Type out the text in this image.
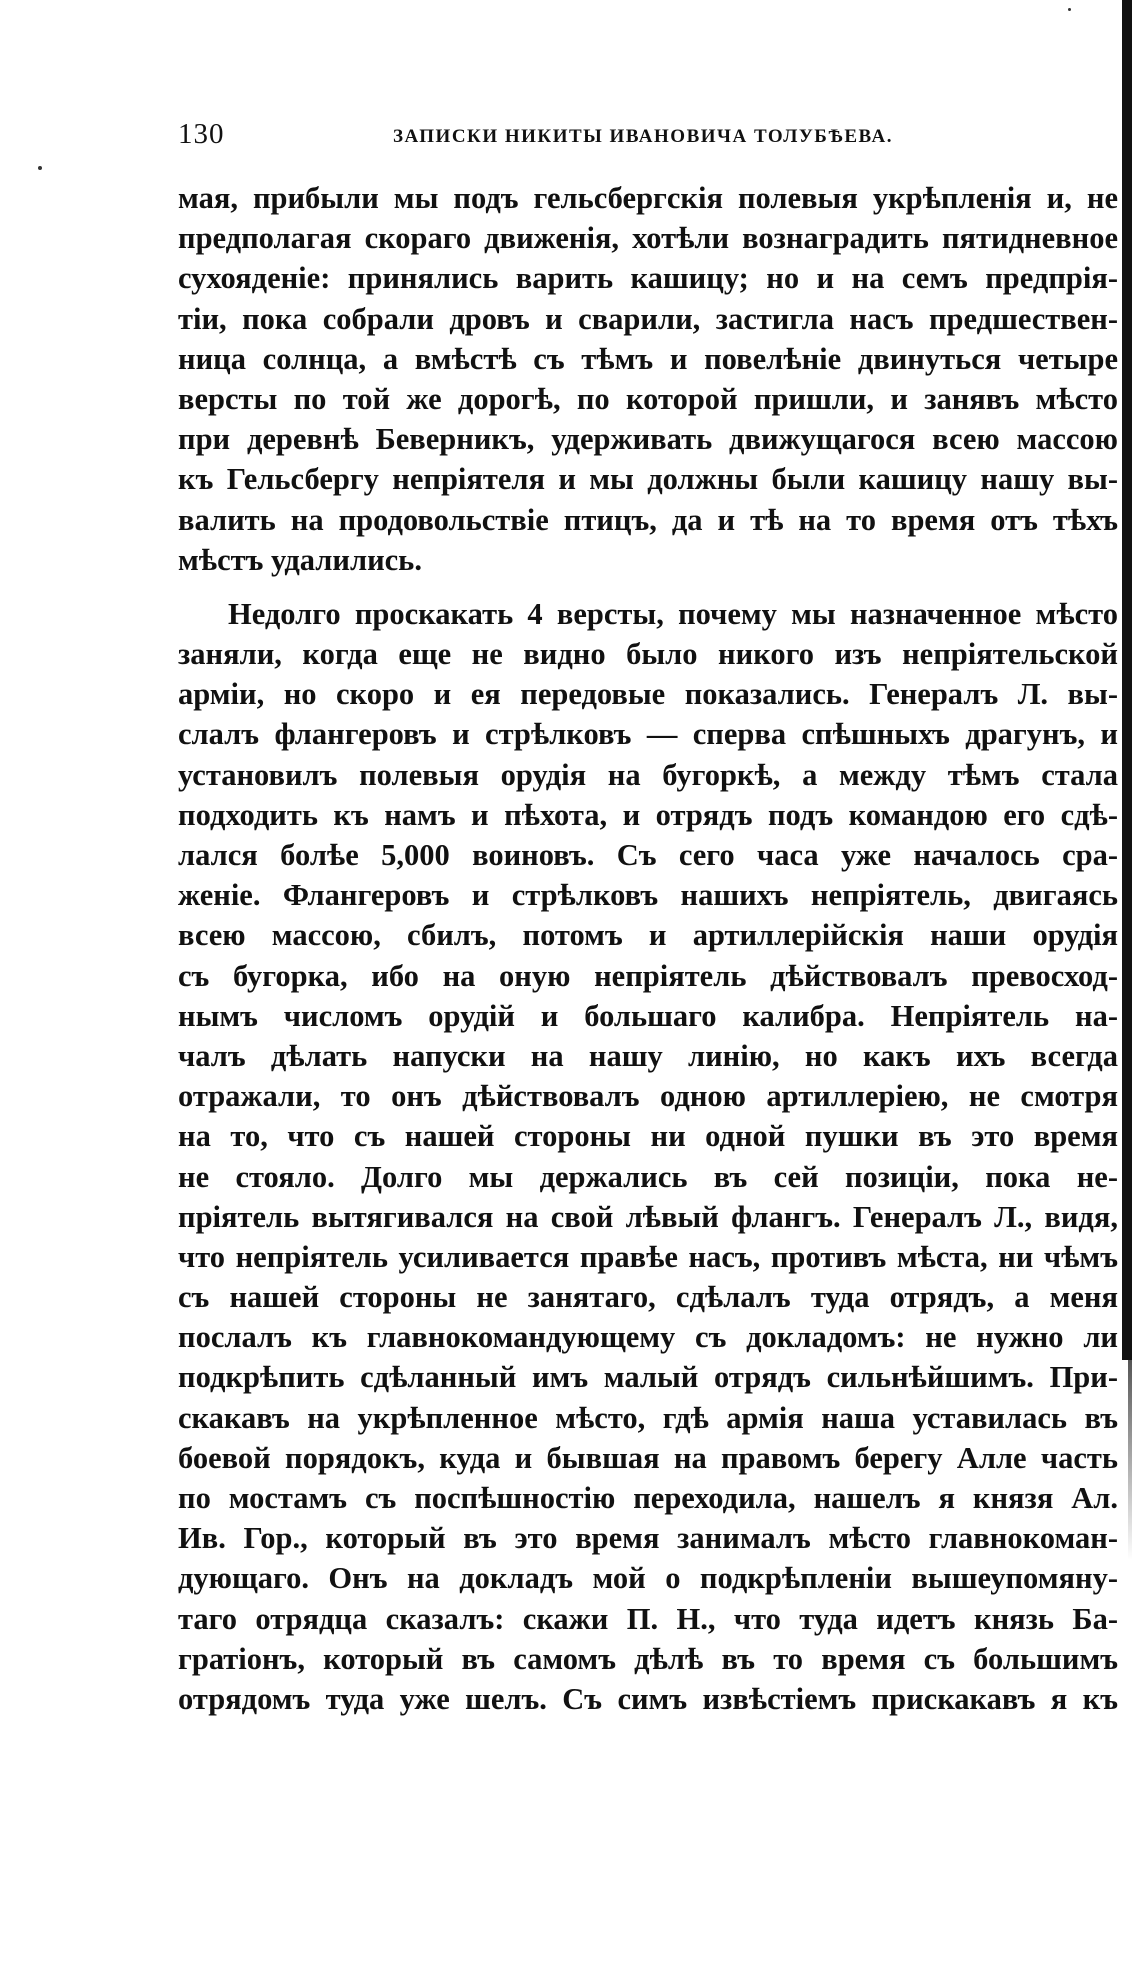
130	ЗАПИСКИ НИКИТЫ ИВАНОВИЧА ТОЛУБѢЕВА.
мая, прибыли мы подъ гельсбергскія полевыя укрѣпленія и, не
предполагая скораго движенія, хотѣли вознаградить пятидневное
сухояденіе: принялись варить кашицу; но и на семъ предпрія-
тіи, пока собрали дровъ и сварили, застигла насъ предшествен-
ница солнца, а вмѣстѣ съ тѣмъ и повелѣніе двинуться четыре
версты по той же дорогѣ, по которой пришли, и занявъ мѣсто
при деревнѣ Беверникъ, удерживать движущагося всею массою
къ Гельсбергу непріятеля и мы должны были кашицу нашу вы-
валить на продовольствіе птицъ, да и тѣ на то время отъ тѣхъ
мѣстъ удалились.
Недолго проскакать 4 версты, почему мы назначенное мѣсто
заняли, когда еще не видно было никого изъ непріятельской
арміи, но скоро и ея передовые показались. Генералъ Л. вы-
слалъ флангеровъ и стрѣлковъ — сперва спѣшныхъ драгунъ, и
установилъ полевыя орудія на бугоркѣ, а между тѣмъ стала
подходить къ намъ и пѣхота, и отрядъ подъ командою его сдѣ-
лался болѣе 5,000 воиновъ. Съ сего часа уже началось сра-
женіе. Флангеровъ и стрѣлковъ нашихъ непріятель, двигаясь
всею массою, сбилъ, потомъ и артиллерійскія наши орудія
съ бугорка, ибо на оную непріятель дѣйствовалъ превосход-
нымъ числомъ орудій и большаго калибра. Непріятель на-
чалъ дѣлать напуски на нашу линію, но какъ ихъ всегда
отражали, то онъ дѣйствовалъ одною артиллеріею, не смотря
на то, что съ нашей стороны ни одной пушки въ это время
не стояло. Долго мы держались въ сей позиціи, пока не-
пріятель вытягивался на свой лѣвый флангъ. Генералъ Л., видя,
что непріятель усиливается правѣе насъ, противъ мѣста, ни чѣмъ
съ нашей стороны не занятаго, сдѣлалъ туда отрядъ, а меня
послалъ къ главнокомандующему съ докладомъ: не нужно ли
подкрѣпить сдѣланный имъ малый отрядъ сильнѣйшимъ. При-
скакавъ на укрѣпленное мѣсто, гдѣ армія наша уставилась въ
боевой порядокъ, куда и бывшая на правомъ берегу Алле часть
по мостамъ съ поспѣшностію переходила, нашелъ я князя Ал.
Ив. Гор., который въ это время занималъ мѣсто главнокоман-
дующаго. Онъ на докладъ мой о подкрѣпленіи вышеупомяну-
таго отрядца сказалъ: скажи П. Н., что туда идетъ князь Ба-
гратіонъ, который въ самомъ дѣлѣ въ то время съ большимъ
отрядомъ туда уже шелъ. Съ симъ извѣстіемъ прискакавъ я къ
